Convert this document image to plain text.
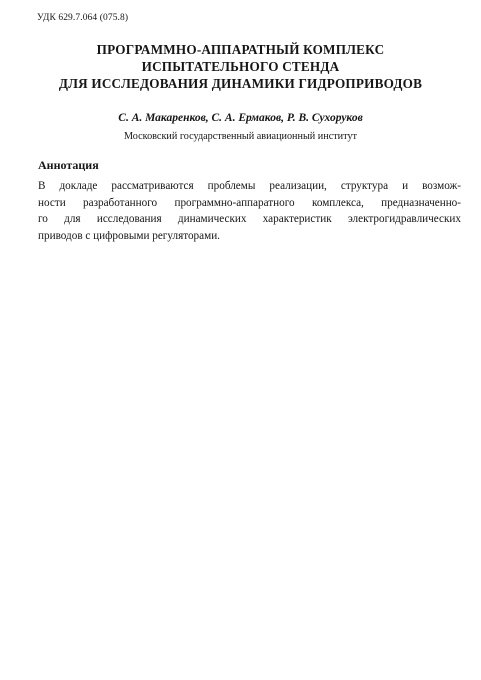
УДК 629.7.064 (075.8)
ПРОГРАММНО-АППАРАТНЫЙ КОМПЛЕКС
ИСПЫТАТЕЛЬНОГО СТЕНДА
ДЛЯ ИССЛЕДОВАНИЯ ДИНАМИКИ ГИДРОПРИВОДОВ
С. А. Макаренков, С. А. Ермаков, Р. В. Сухоруков
Московский государственный авиационный институт
Аннотация
В докладе рассматриваются проблемы реализации, структура и возмож-
ности разработанного программно-аппаратного комплекса, предназначенно-
го для исследования динамических характеристик электрогидравлических
приводов с цифровыми регуляторами.
